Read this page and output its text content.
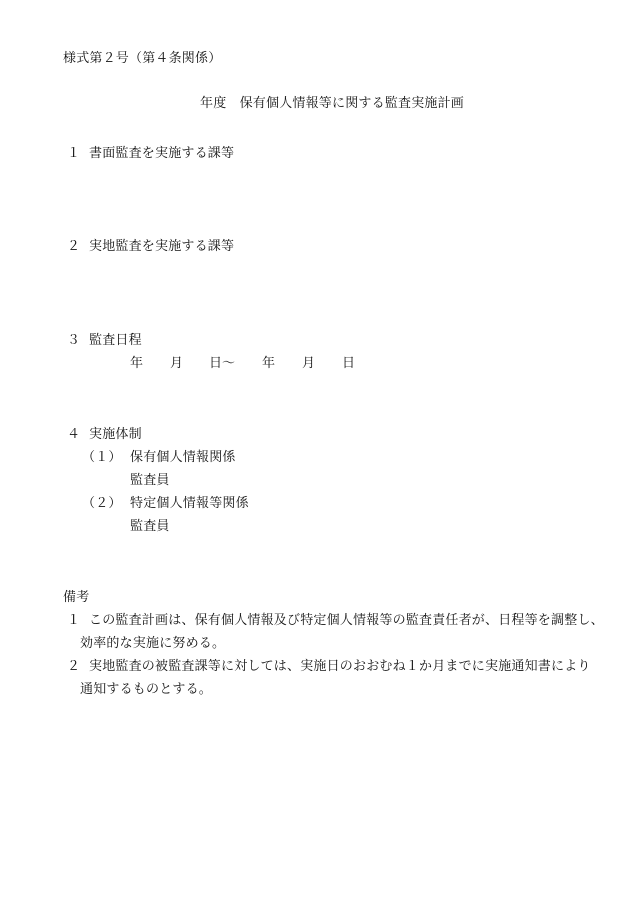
様式第２号（第４条関係）
年度　保有個人情報等に関する監査実施計画
１ 書面監査を実施する課等
２ 実地監査を実施する課等
３ 監査日程
年 月 日～ 年 月 日
４ 実施体制
（１） 保有個人情報関係
監査員
（２） 特定個人情報等関係
監査員
備考
１ この監査計画は、保有個人情報及び特定個人情報等の監査責任者が、日程等を調整し、
効率的な実施に努める。
２ 実地監査の被監査課等に対しては、実施日のおおむね１か月までに実施通知書により
通知するものとする。
